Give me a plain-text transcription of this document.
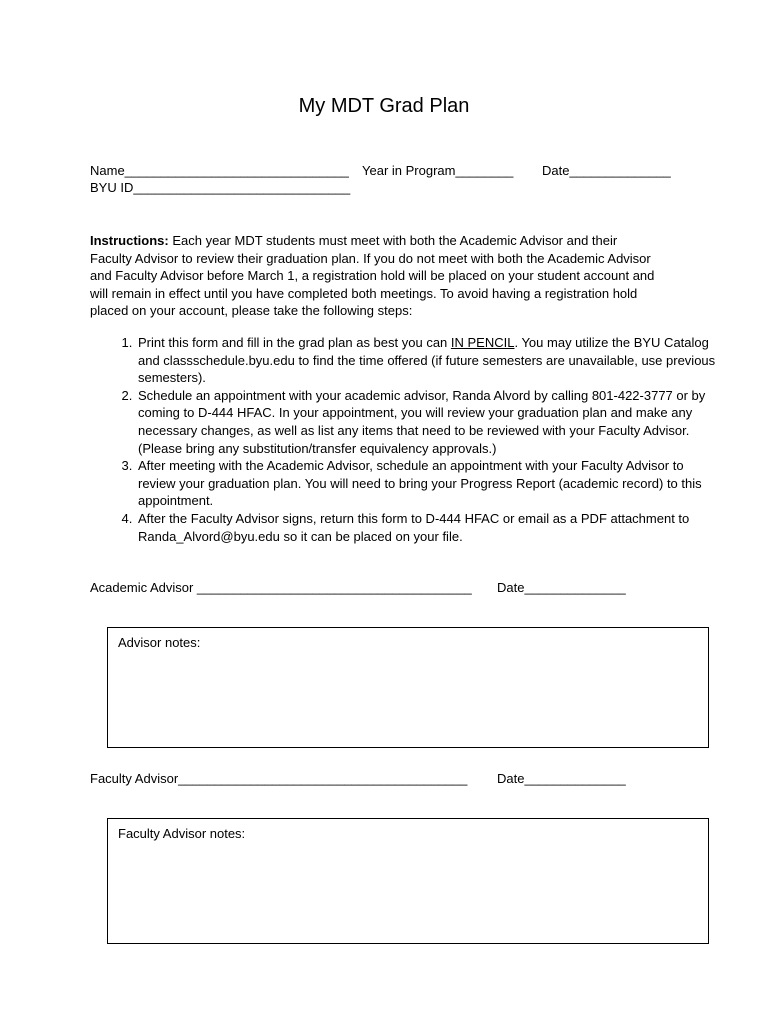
My MDT Grad Plan
Name_______________________________ Year in Program________ Date______________
BYU ID______________________________
Instructions: Each year MDT students must meet with both the Academic Advisor and their Faculty Advisor to review their graduation plan. If you do not meet with both the Academic Advisor and Faculty Advisor before March 1, a registration hold will be placed on your student account and will remain in effect until you have completed both meetings. To avoid having a registration hold placed on your account, please take the following steps:
1. Print this form and fill in the grad plan as best you can IN PENCIL. You may utilize the BYU Catalog and classschedule.byu.edu to find the time offered (if future semesters are unavailable, use previous semesters).
2. Schedule an appointment with your academic advisor, Randa Alvord by calling 801-422-3777 or by coming to D-444 HFAC. In your appointment, you will review your graduation plan and make any necessary changes, as well as list any items that need to be reviewed with your Faculty Advisor. (Please bring any substitution/transfer equivalency approvals.)
3. After meeting with the Academic Advisor, schedule an appointment with your Faculty Advisor to review your graduation plan. You will need to bring your Progress Report (academic record) to this appointment.
4. After the Faculty Advisor signs, return this form to D-444 HFAC or email as a PDF attachment to Randa_Alvord@byu.edu so it can be placed on your file.
Academic Advisor ______________________________________ Date______________
Advisor notes:
Faculty Advisor________________________________________ Date______________
Faculty Advisor notes:
